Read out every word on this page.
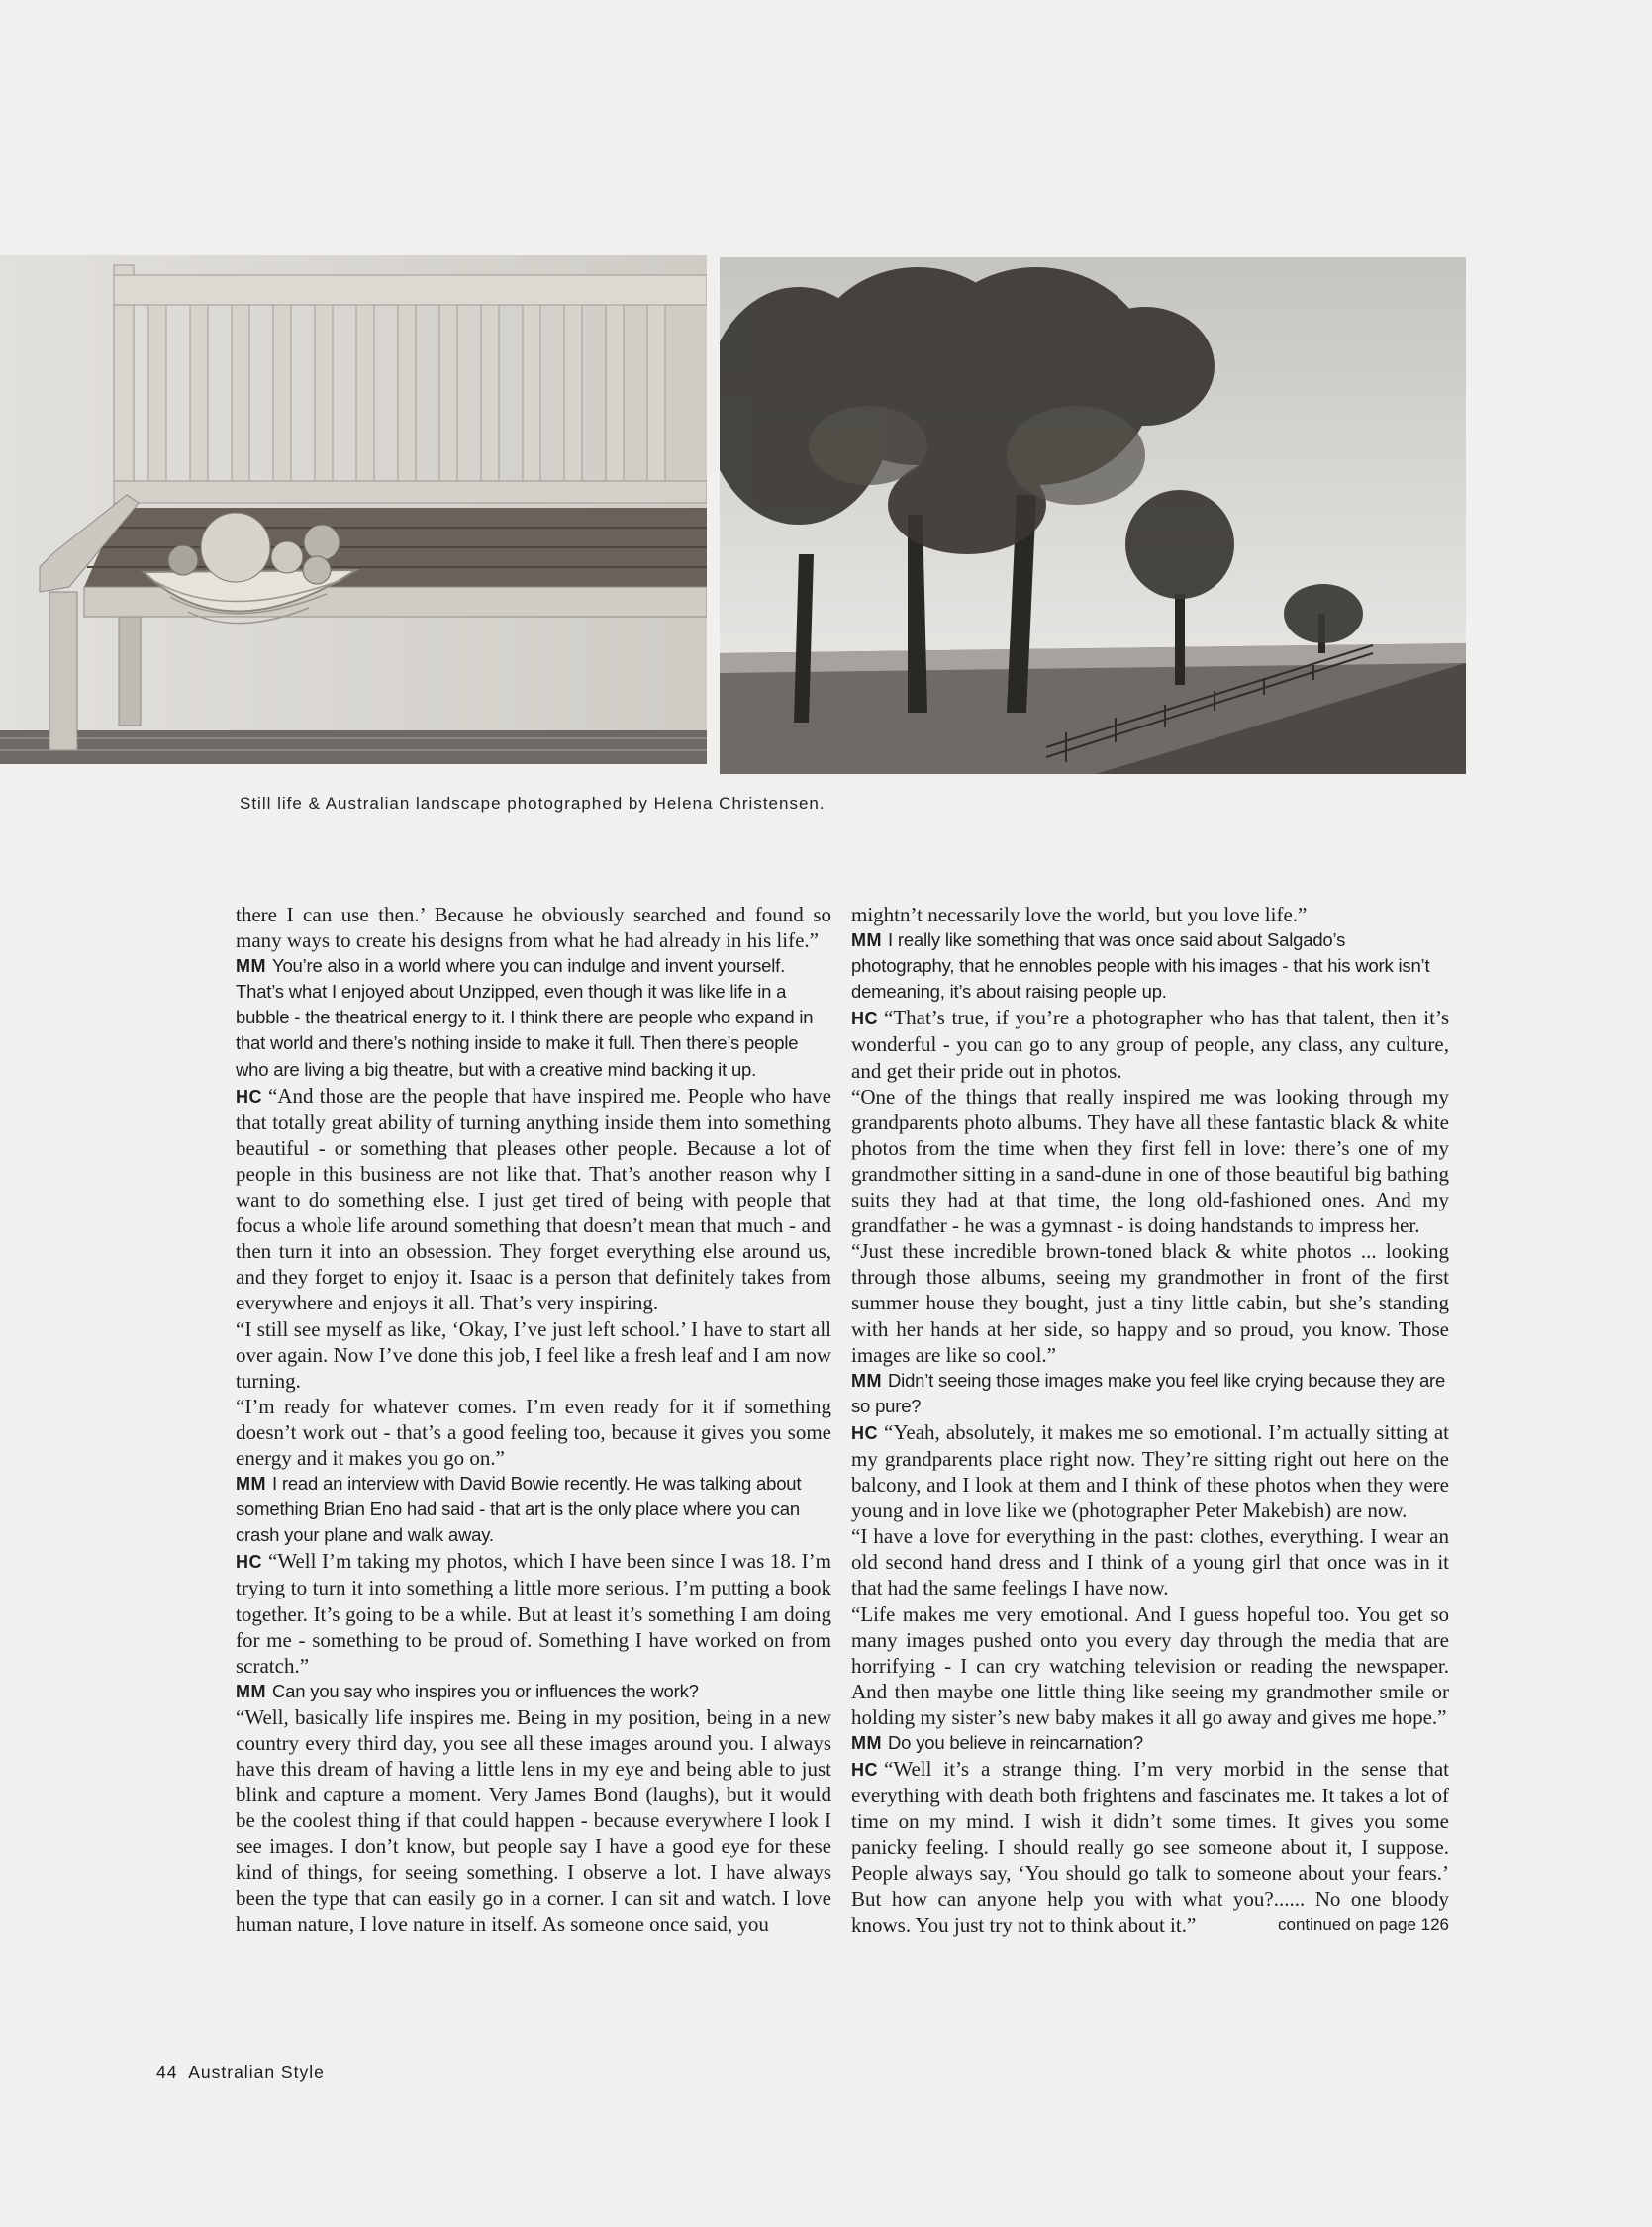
Still life & Australian landscape photographed by Helena Christensen.

there I can use then.’ Because he obviously searched and found so many ways to create his designs from what he had already in his life.”

MM You’re also in a world where you can indulge and invent yourself. That’s what I enjoyed about Unzipped, even though it was like life in a bubble - the theatrical energy to it. I think there are people who expand in that world and there’s nothing inside to make it full. Then there’s people who are living a big theatre, but with a creative mind backing it up.

HC “And those are the people that have inspired me. People who have that totally great ability of turning anything inside them into something beautiful - or something that pleases other people. Because a lot of people in this business are not like that. That’s another reason why I want to do something else. I just get tired of being with people that focus a whole life around something that doesn’t mean that much - and then turn it into an obsession. They forget everything else around us, and they forget to enjoy it. Isaac is a person that definitely takes from everywhere and enjoys it all. That’s very inspiring.

“I still see myself as like, ‘Okay, I’ve just left school.’ I have to start all over again. Now I’ve done this job, I feel like a fresh leaf and I am now turning.

“I’m ready for whatever comes. I’m even ready for it if something doesn’t work out - that’s a good feeling too, because it gives you some energy and it makes you go on.”

MM I read an interview with David Bowie recently. He was talking about something Brian Eno had said - that art is the only place where you can crash your plane and walk away.

HC “Well I’m taking my photos, which I have been since I was 18. I’m trying to turn it into something a little more serious. I’m putting a book together. It’s going to be a while. But at least it’s something I am doing for me - something to be proud of. Something I have worked on from scratch.”

MM Can you say who inspires you or influences the work?

“Well, basically life inspires me. Being in my position, being in a new country every third day, you see all these images around you. I always have this dream of having a little lens in my eye and being able to just blink and capture a moment. Very James Bond (laughs), but it would be the coolest thing if that could happen - because everywhere I look I see images. I don’t know, but people say I have a good eye for these kind of things, for seeing something. I observe a lot. I have always been the type that can easily go in a corner. I can sit and watch. I love human nature, I love nature in itself. As someone once said, you

mightn’t necessarily love the world, but you love life.”

MM I really like something that was once said about Salgado’s photography, that he ennobles people with his images - that his work isn’t demeaning, it’s about raising people up.

HC “That’s true, if you’re a photographer who has that talent, then it’s wonderful - you can go to any group of people, any class, any culture, and get their pride out in photos.

“One of the things that really inspired me was looking through my grandparents photo albums. They have all these fantastic black & white photos from the time when they first fell in love: there’s one of my grandmother sitting in a sand-dune in one of those beautiful big bathing suits they had at that time, the long old-fashioned ones. And my grandfather - he was a gymnast - is doing handstands to impress her.

“Just these incredible brown-toned black & white photos ... looking through those albums, seeing my grandmother in front of the first summer house they bought, just a tiny little cabin, but she’s standing with her hands at her side, so happy and so proud, you know. Those images are like so cool.”

MM Didn’t seeing those images make you feel like crying because they are so pure?

HC “Yeah, absolutely, it makes me so emotional. I’m actually sitting at my grandparents place right now. They’re sitting right out here on the balcony, and I look at them and I think of these photos when they were young and in love like we (photographer Peter Makebish) are now.

“I have a love for everything in the past: clothes, everything. I wear an old second hand dress and I think of a young girl that once was in it that had the same feelings I have now.

“Life makes me very emotional. And I guess hopeful too. You get so many images pushed onto you every day through the media that are horrifying - I can cry watching television or reading the newspaper. And then maybe one little thing like seeing my grandmother smile or holding my sister’s new baby makes it all go away and gives me hope.”

MM Do you believe in reincarnation?

HC “Well it’s a strange thing. I’m very morbid in the sense that everything with death both frightens and fascinates me. It takes a lot of time on my mind. I wish it didn’t some times. It gives you some panicky feeling. I should really go see someone about it, I suppose. People always say, ‘You should go talk to someone about your fears.’ But how can anyone help you with what you?...... No one bloody knows. You just try not to think about it.”	continued on page 126

44 Australian Style
